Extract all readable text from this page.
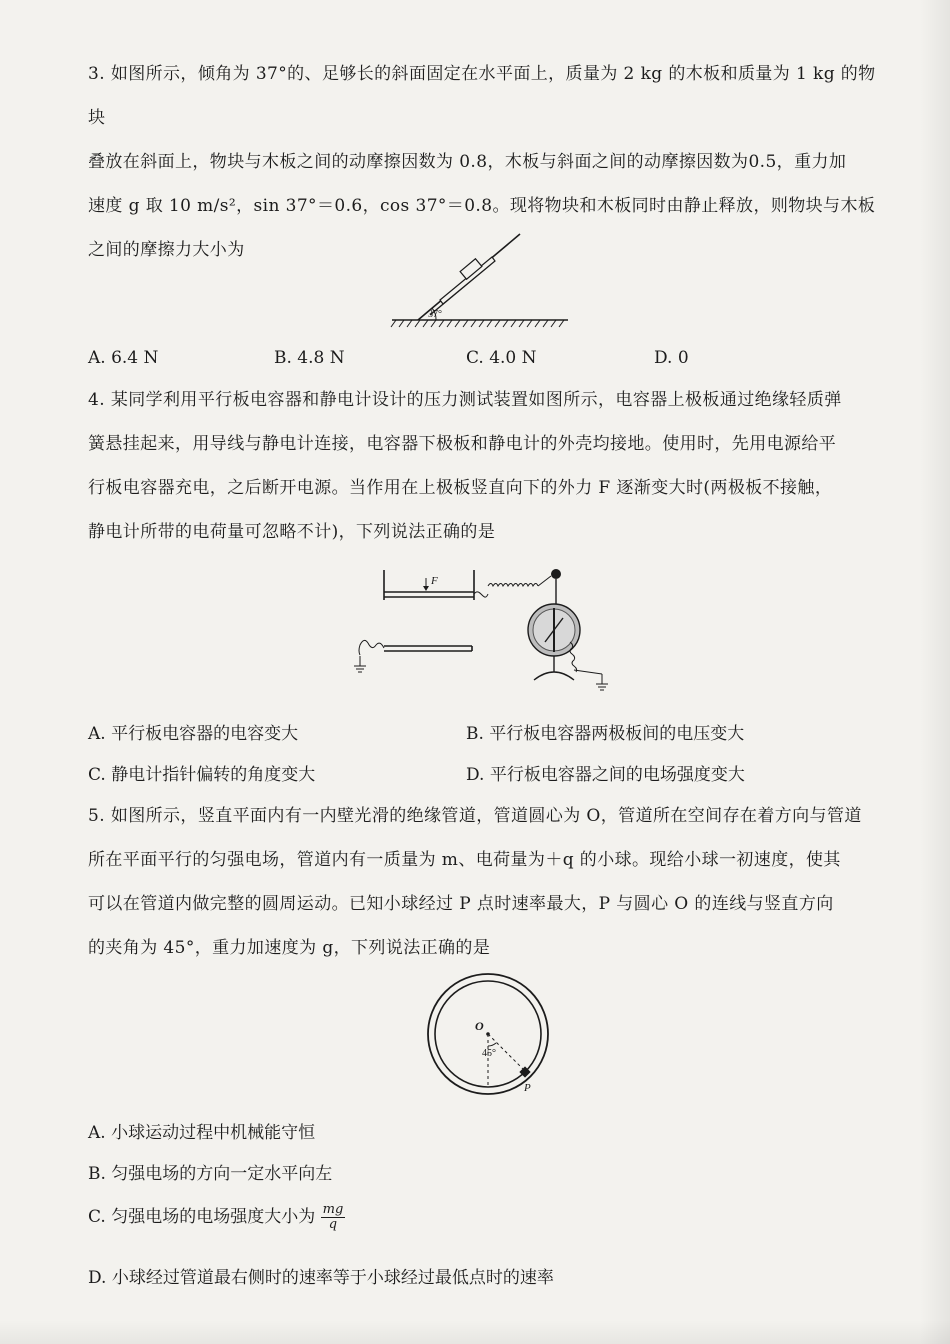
3. 如图所示，倾角为 37°的、足够长的斜面固定在水平面上，质量为 2 kg 的木板和质量为 1 kg 的物块

叠放在斜面上，物块与木板之间的动摩擦因数为 0.8，木板与斜面之间的动摩擦因数为0.5，重力加

速度 g 取 10 m/s²，sin 37°＝0.6，cos 37°＝0.8。现将物块和木板同时由静止释放，则物块与木板

之间的摩擦力大小为

37°
A. 6.4 N	B. 4.8 N	C. 4.0 N	D. 0

4. 某同学利用平行板电容器和静电计设计的压力测试装置如图所示，电容器上极板通过绝缘轻质弹

簧悬挂起来，用导线与静电计连接，电容器下极板和静电计的外壳均接地。使用时，先用电源给平

行板电容器充电，之后断开电源。当作用在上极板竖直向下的外力 F 逐渐变大时(两极板不接触，

静电计所带的电荷量可忽略不计)，下列说法正确的是

F
A. 平行板电容器的电容变大	B. 平行板电容器两极板间的电压变大
C. 静电计指针偏转的角度变大	D. 平行板电容器之间的电场强度变大

5. 如图所示，竖直平面内有一内壁光滑的绝缘管道，管道圆心为 O，管道所在空间存在着方向与管道

所在平面平行的匀强电场，管道内有一质量为 m、电荷量为＋q 的小球。现给小球一初速度，使其

可以在管道内做完整的圆周运动。已知小球经过 P 点时速率最大，P 与圆心 O 的连线与竖直方向

的夹角为 45°，重力加速度为 g，下列说法正确的是

O
45°
P
A. 小球运动过程中机械能守恒
B. 匀强电场的方向一定水平向左
C. 匀强电场的电场强度大小为 $\frac{mg}{q}$
D. 小球经过管道最右侧时的速率等于小球经过最低点时的速率
